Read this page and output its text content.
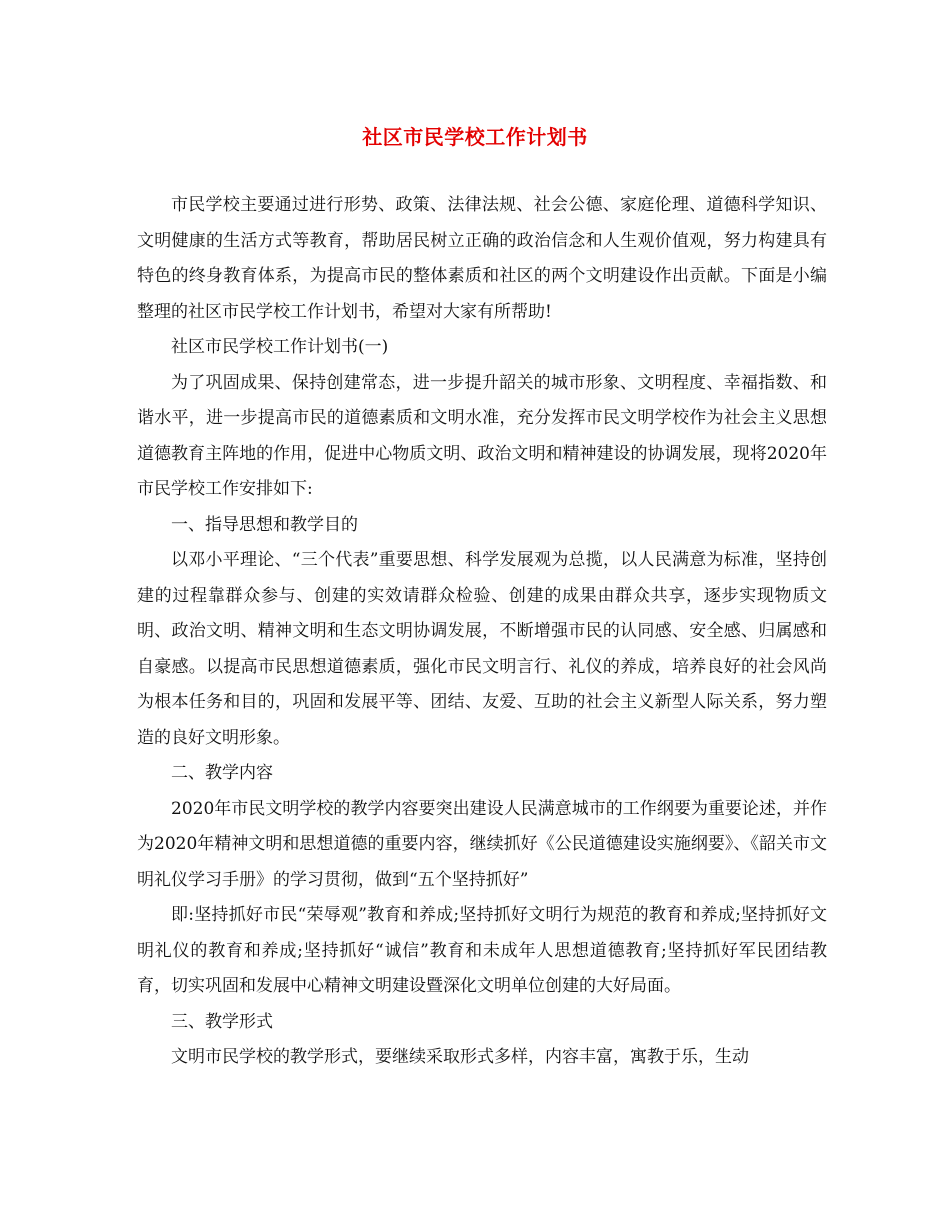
社区市民学校工作计划书

市民学校主要通过进行形势、政策、法律法规、社会公德、家庭伦理、道德科学知识、文明健康的生活方式等教育，帮助居民树立正确的政治信念和人生观价值观，努力构建具有特色的终身教育体系，为提高市民的整体素质和社区的两个文明建设作出贡献。下面是小编整理的社区市民学校工作计划书，希望对大家有所帮助!

社区市民学校工作计划书(一)

为了巩固成果、保持创建常态，进一步提升韶关的城市形象、文明程度、幸福指数、和谐水平，进一步提高市民的道德素质和文明水准，充分发挥市民文明学校作为社会主义思想道德教育主阵地的作用，促进中心物质文明、政治文明和精神建设的协调发展，现将2020年市民学校工作安排如下:

一、指导思想和教学目的

以邓小平理论、“三个代表”重要思想、科学发展观为总揽，以人民满意为标准，坚持创建的过程靠群众参与、创建的实效请群众检验、创建的成果由群众共享，逐步实现物质文明、政治文明、精神文明和生态文明协调发展，不断增强市民的认同感、安全感、归属感和自豪感。以提高市民思想道德素质，强化市民文明言行、礼仪的养成，培养良好的社会风尚为根本任务和目的，巩固和发展平等、团结、友爱、互助的社会主义新型人际关系，努力塑造的良好文明形象。

二、教学内容

2020年市民文明学校的教学内容要突出建设人民满意城市的工作纲要为重要论述，并作为2020年精神文明和思想道德的重要内容，继续抓好《公民道德建设实施纲要》、《韶关市文明礼仪学习手册》的学习贯彻，做到“五个坚持抓好”

即:坚持抓好市民“荣辱观”教育和养成;坚持抓好文明行为规范的教育和养成;坚持抓好文明礼仪的教育和养成;坚持抓好“诚信”教育和未成年人思想道德教育;坚持抓好军民团结教育，切实巩固和发展中心精神文明建设暨深化文明单位创建的大好局面。

三、教学形式

文明市民学校的教学形式，要继续采取形式多样，内容丰富，寓教于乐，生动
